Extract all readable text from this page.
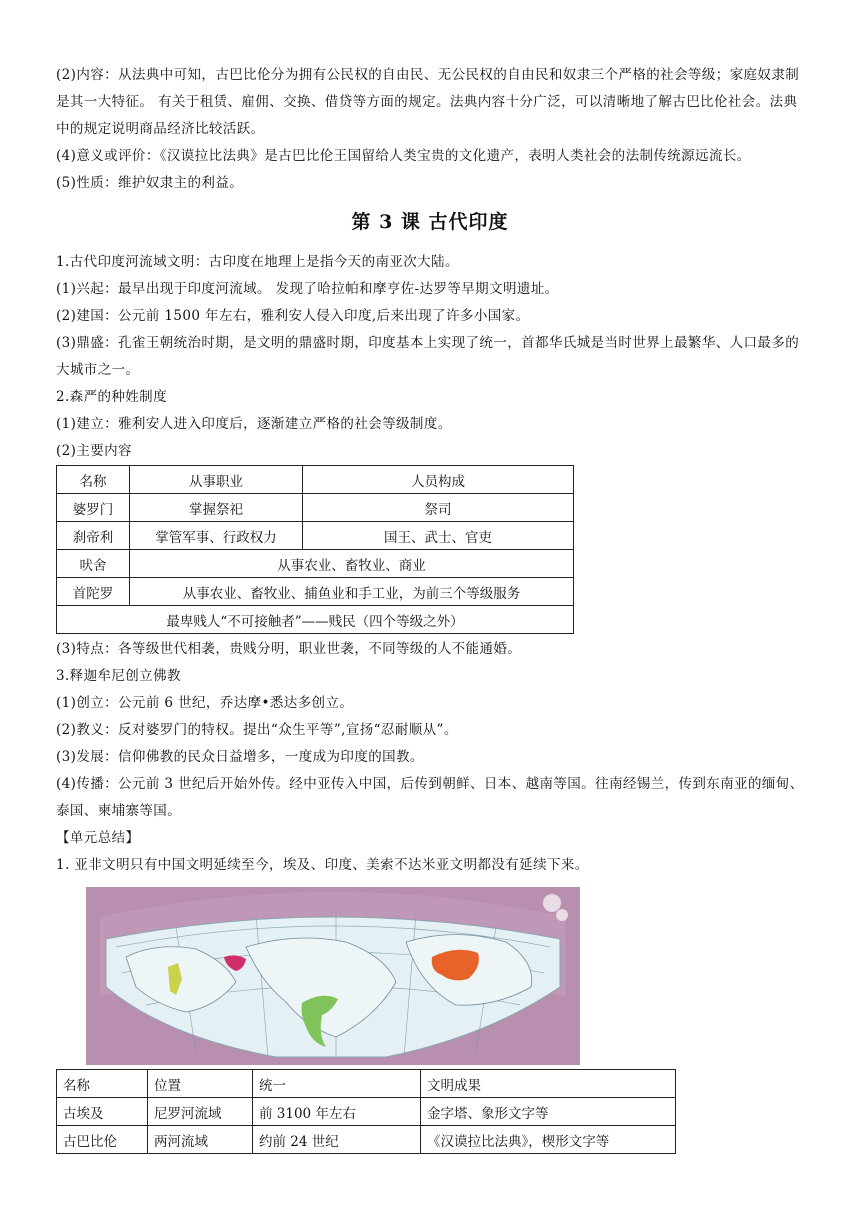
(2)内容：从法典中可知，古巴比伦分为拥有公民权的自由民、无公民权的自由民和奴隶三个严格的社会等级；家庭奴隶制是其一大特征。 有关于租赁、雇佣、交换、借贷等方面的规定。法典内容十分广泛，可以清晰地了解古巴比伦社会。法典中的规定说明商品经济比较活跃。

(4)意义或评价：《汉谟拉比法典》是古巴比伦王国留给人类宝贵的文化遗产，表明人类社会的法制传统源远流长。

(5)性质：维护奴隶主的利益。

第 3 课 古代印度

1.古代印度河流域文明：古印度在地理上是指今天的南亚次大陆。

(1)兴起：最早出现于印度河流域。 发现了哈拉帕和摩亨佐-达罗等早期文明遗址。

(2)建国：公元前 1500 年左右，雅利安人侵入印度,后来出现了许多小国家。

(3)鼎盛：孔雀王朝统治时期，是文明的鼎盛时期，印度基本上实现了统一，首都华氏城是当时世界上最繁华、人口最多的大城市之一。

2.森严的种姓制度

(1)建立：雅利安人进入印度后，逐渐建立严格的社会等级制度。

(2)主要内容

名称	从事职业	人员构成
婆罗门	掌握祭祀	祭司
刹帝利	掌管军事、行政权力	国王、武士、官吏
吠舍	从事农业、畜牧业、商业	
首陀罗	从事农业、畜牧业、捕鱼业和手工业，为前三个等级服务	
最卑贱人“不可接触者”——贱民（四个等级之外）		

(3)特点：各等级世代相袭，贵贱分明，职业世袭，不同等级的人不能通婚。

3.释迦牟尼创立佛教

(1)创立：公元前 6 世纪，乔达摩•悉达多创立。

(2)教义：反对婆罗门的特权。提出“众生平等”,宣扬“忍耐顺从”。

(3)发展：信仰佛教的民众日益增多，一度成为印度的国教。

(4)传播：公元前 3 世纪后开始外传。经中亚传入中国，后传到朝鲜、日本、越南等国。往南经锡兰，传到东南亚的缅甸、泰国、柬埔寨等国。

【单元总结】

1. 亚非文明只有中国文明延续至今，埃及、印度、美索不达米亚文明都没有延续下来。

名称	位置	统一	文明成果
古埃及	尼罗河流域	前 3100 年左右	金字塔、象形文字等
古巴比伦	两河流域	约前 24 世纪	《汉谟拉比法典》，楔形文字等
